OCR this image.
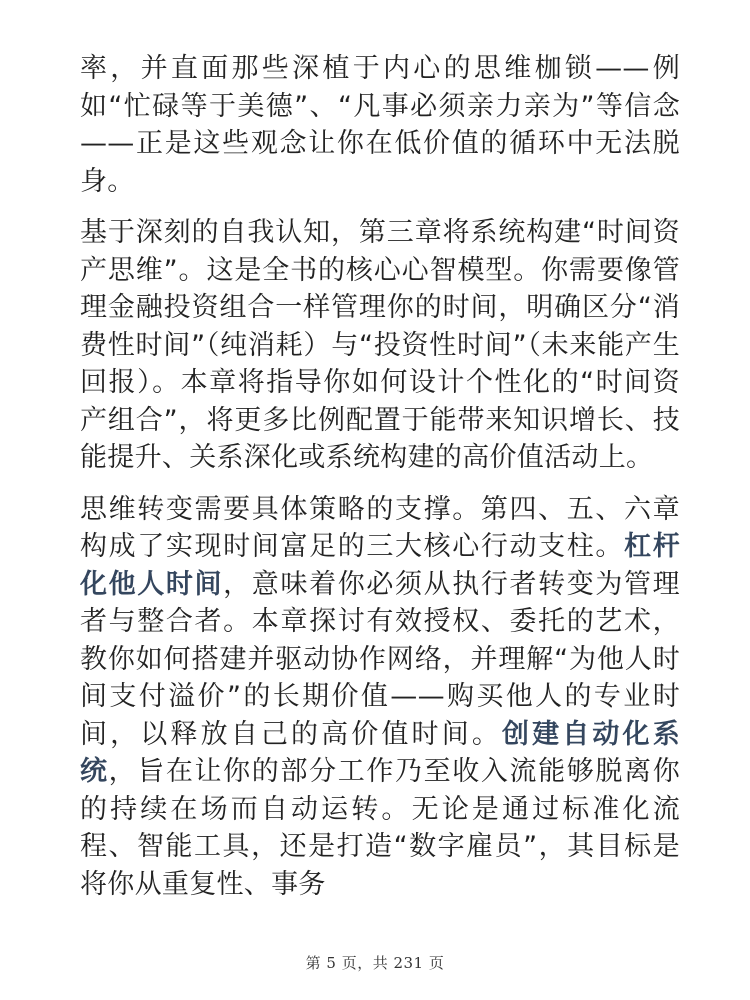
率，并直面那些深植于内心的思维枷锁——例如“忙碌等于美德”、“凡事必须亲力亲为”等信念——正是这些观念让你在低价值的循环中无法脱身。

基于深刻的自我认知，第三章将系统构建“时间资产思维”。这是全书的核心心智模型。你需要像管理金融投资组合一样管理你的时间，明确区分“消费性时间”（纯消耗）与“投资性时间”（未来能产生回报）。本章将指导你如何设计个性化的“时间资产组合”，将更多比例配置于能带来知识增长、技能提升、关系深化或系统构建的高价值活动上。

思维转变需要具体策略的支撑。第四、五、六章构成了实现时间富足的三大核心行动支柱。杠杆化他人时间，意味着你必须从执行者转变为管理者与整合者。本章探讨有效授权、委托的艺术，教你如何搭建并驱动协作网络，并理解“为他人时间支付溢价”的长期价值——购买他人的专业时间，以释放自己的高价值时间。创建自动化系统，旨在让你的部分工作乃至收入流能够脱离你的持续在场而自动运转。无论是通过标准化流程、智能工具，还是打造“数字雇员”，其目标是将你从重复性、事务

第 5 页，共 231 页
